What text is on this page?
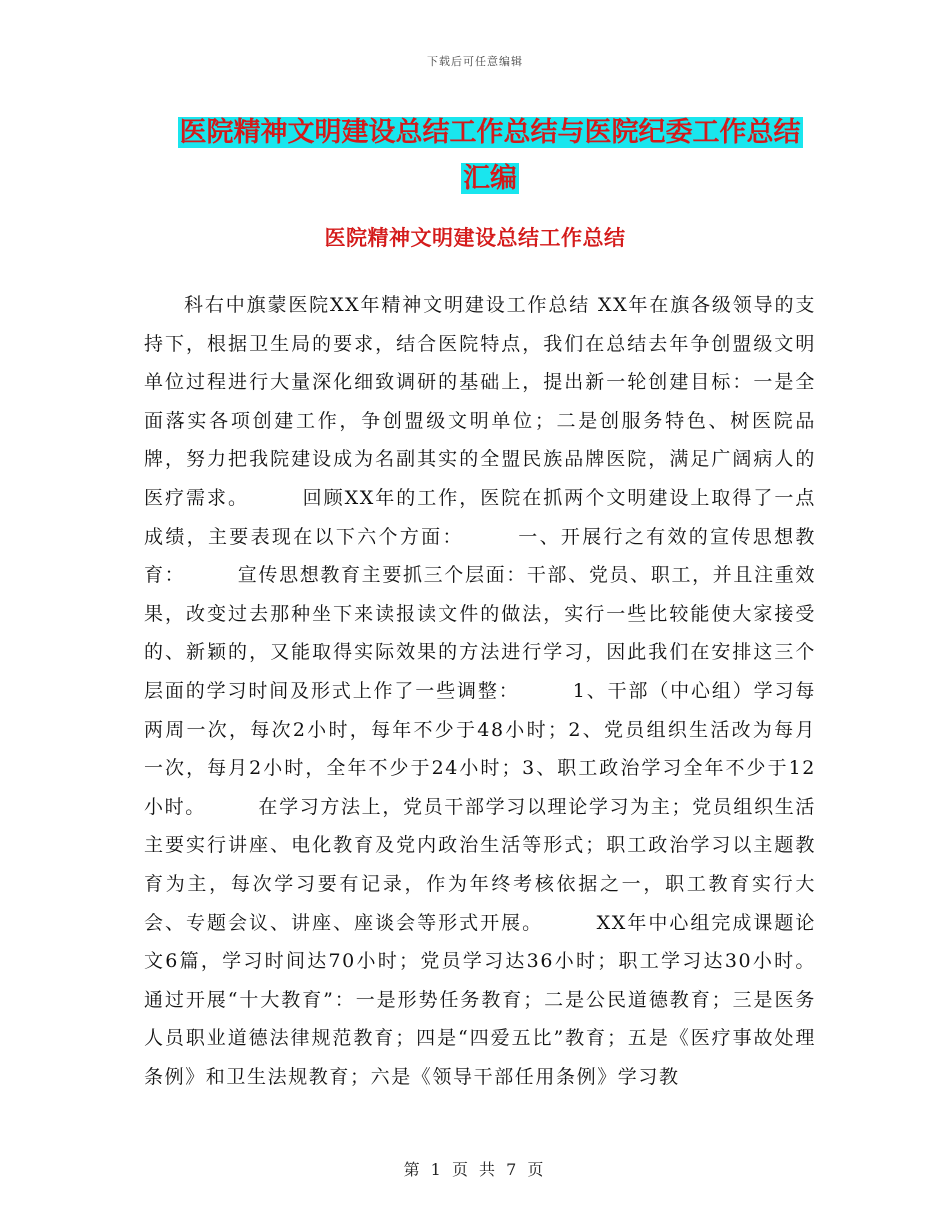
下载后可任意编辑
医院精神文明建设总结工作总结与医院纪委工作总结
汇编
医院精神文明建设总结工作总结

科右中旗蒙医院XX年精神文明建设工作总结 XX年在旗各级领导的支持下，根据卫生局的要求，结合医院特点，我们在总结去年争创盟级文明单位过程进行大量深化细致调研的基础上，提出新一轮创建目标：一是全面落实各项创建工作，争创盟级文明单位；二是创服务特色、树医院品牌，努力把我院建设成为名副其实的全盟民族品牌医院，满足广阔病人的医疗需求。　　　回顾XX年的工作，医院在抓两个文明建设上取得了一点成绩，主要表现在以下六个方面：　　　一、开展行之有效的宣传思想教育：　　　宣传思想教育主要抓三个层面：干部、党员、职工，并且注重效果，改变过去那种坐下来读报读文件的做法，实行一些比较能使大家接受的、新颖的，又能取得实际效果的方法进行学习，因此我们在安排这三个层面的学习时间及形式上作了一些调整：　　　1、干部（中心组）学习每两周一次，每次2小时，每年不少于48小时；2、党员组织生活改为每月一次，每月2小时，全年不少于24小时；3、职工政治学习全年不少于12小时。　　　在学习方法上，党员干部学习以理论学习为主；党员组织生活主要实行讲座、电化教育及党内政治生活等形式；职工政治学习以主题教育为主，每次学习要有记录，作为年终考核依据之一，职工教育实行大会、专题会议、讲座、座谈会等形式开展。　　　XX年中心组完成课题论文6篇，学习时间达70小时；党员学习达36小时；职工学习达30小时。通过开展“十大教育”：一是形势任务教育；二是公民道德教育；三是医务人员职业道德法律规范教育；四是“四爱五比”教育；五是《医疗事故处理条例》和卫生法规教育；六是《领导干部任用条例》学习教

第 1 页 共 7 页
